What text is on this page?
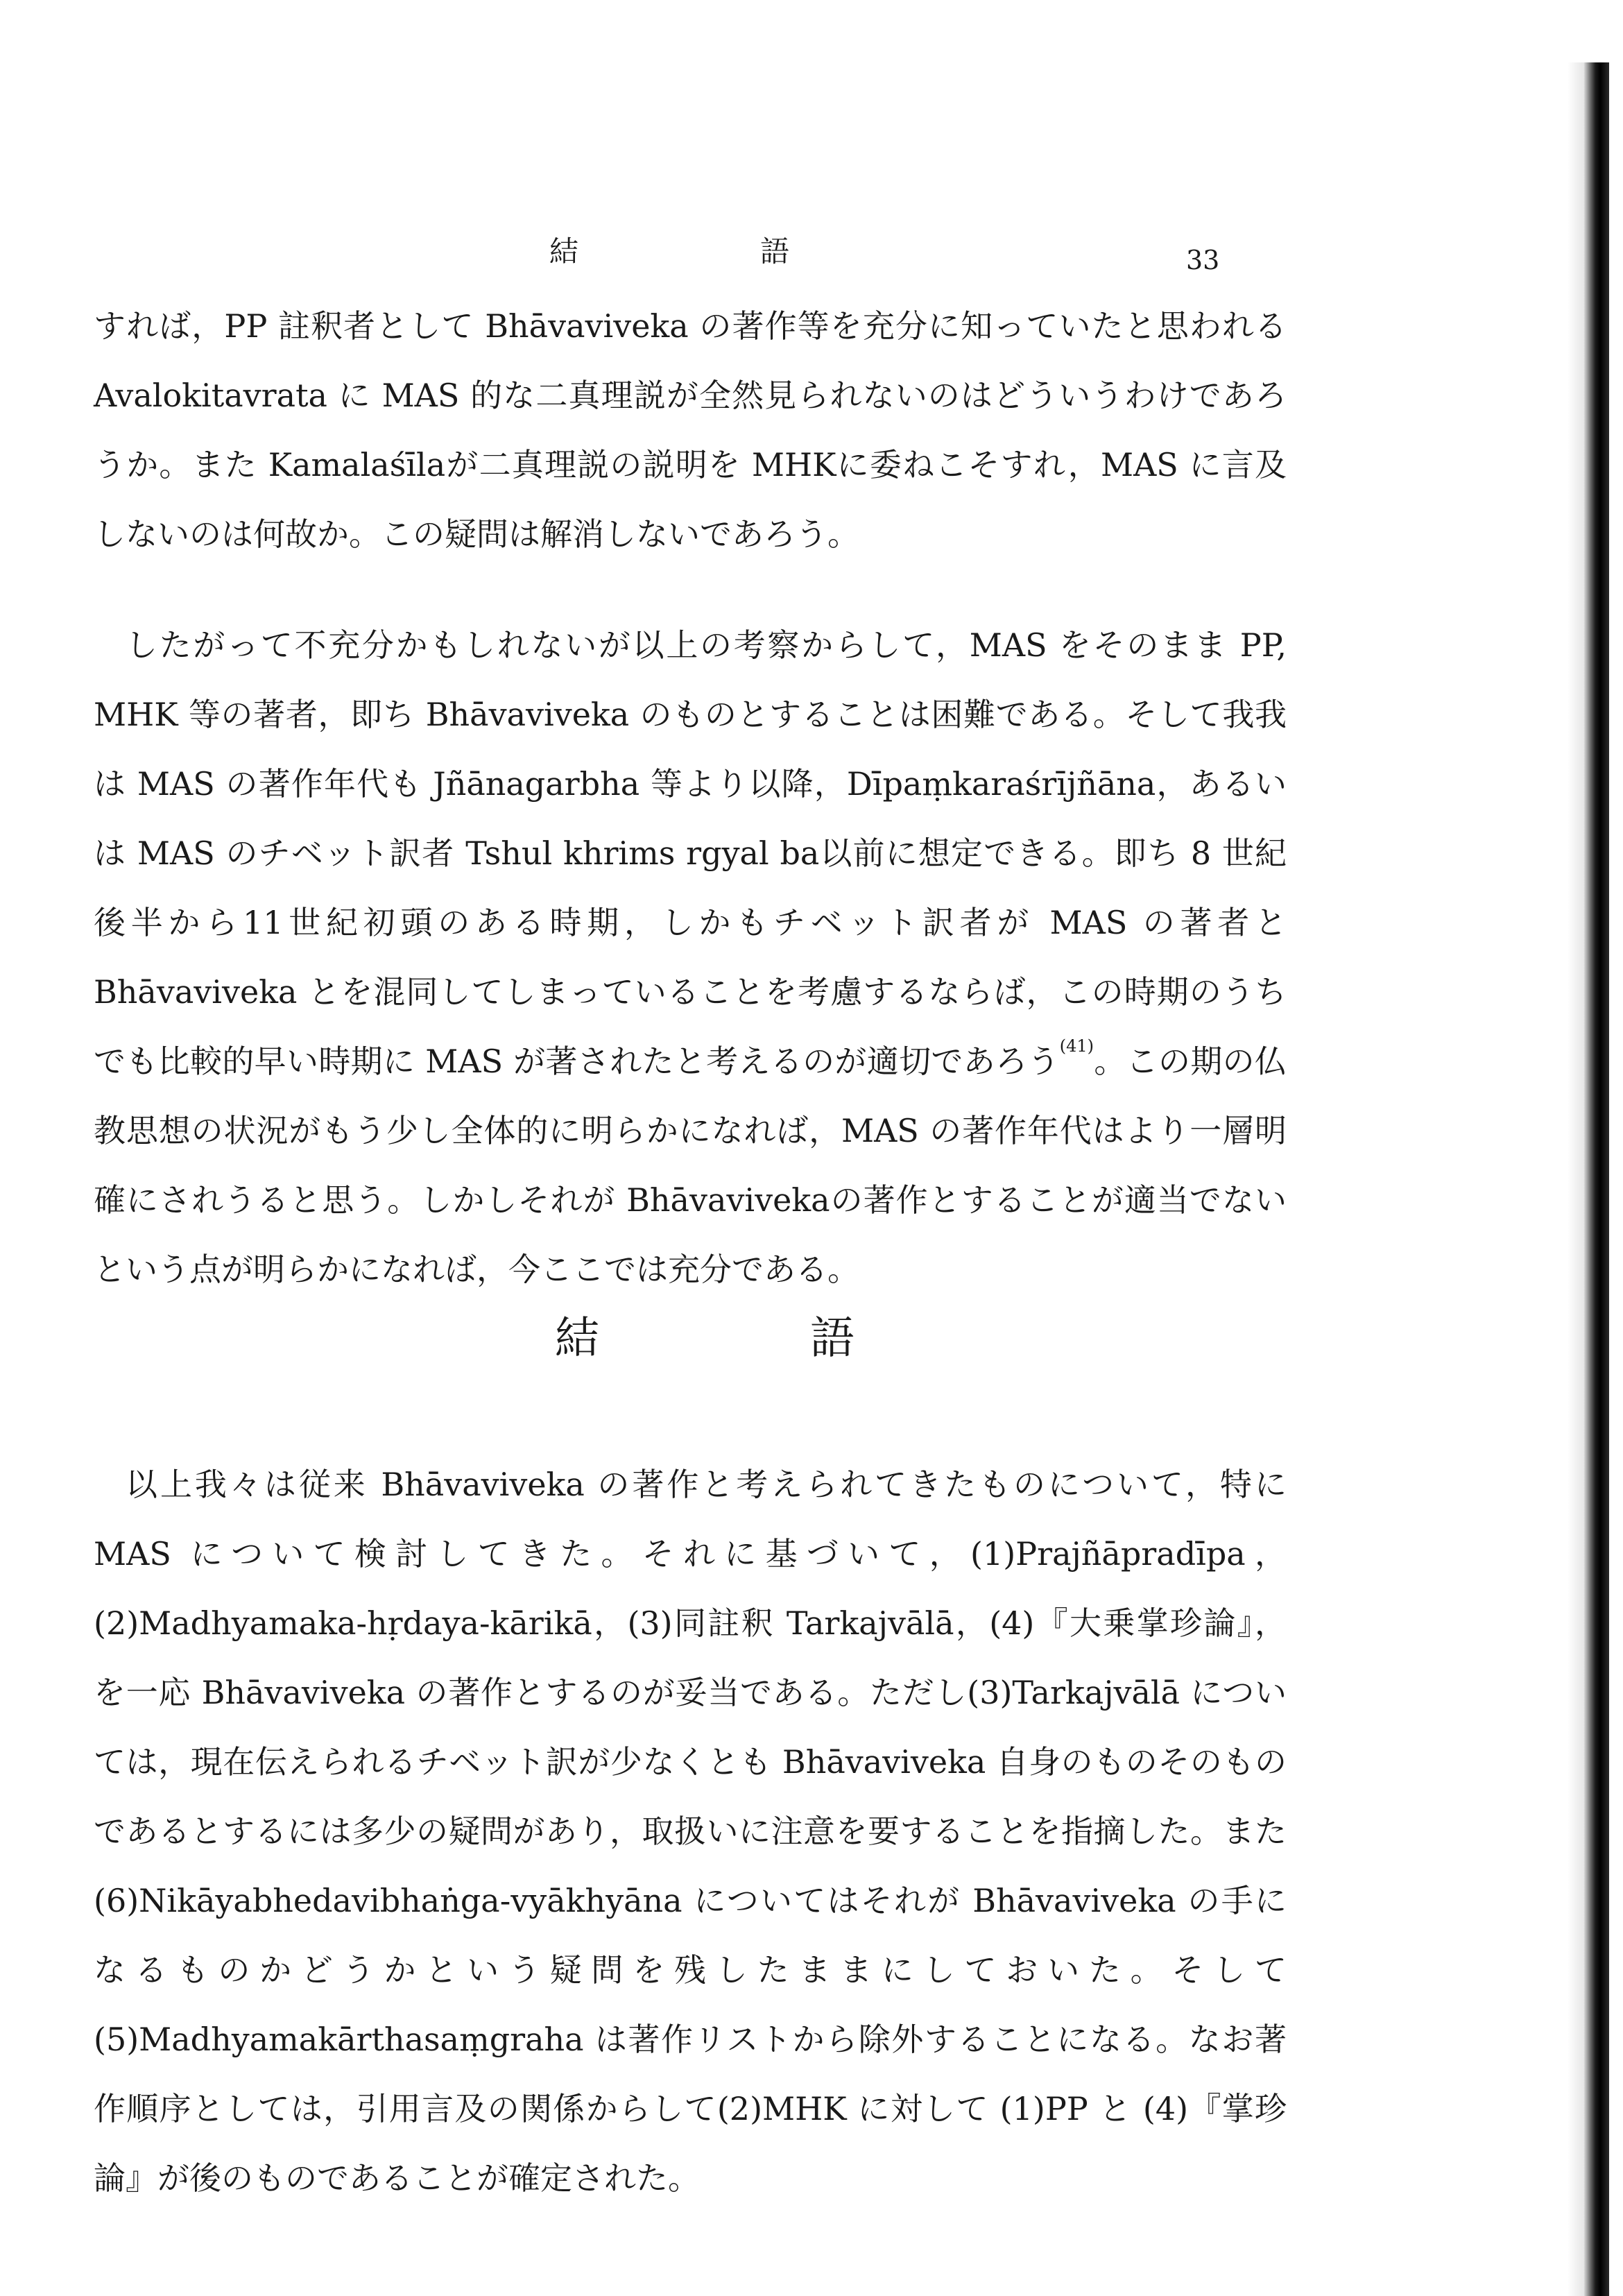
結　語	33

すれば，PP 註釈者として Bhāvaviveka の著作等を充分に知っていたと思われるAvalokitavrata に MAS 的な二真理説が全然見られないのはどういうわけであろうか。また Kamalaśīlaが二真理説の説明を MHKに委ねこそすれ，MAS に言及しないのは何故か。この疑問は解消しないであろう。

したがって不充分かもしれないが以上の考察からして，MAS をそのまま PP, MHK 等の著者，即ち Bhāvaviveka のものとすることは困難である。そして我我は MAS の著作年代も Jñānagarbha 等より以降，Dīpaṃkaraśrījñāna，あるいは MAS のチベット訳者 Tshul khrims rgyal ba以前に想定できる。即ち 8 世紀後半から11世紀初頭のある時期，しかもチベット訳者が MAS の著者とBhāvaviveka とを混同してしまっていることを考慮するならば，この時期のうちでも比較的早い時期に MAS が著されたと考えるのが適切であろう$^{(41)}$。この期の仏教思想の状況がもう少し全体的に明らかになれば，MAS の著作年代はより一層明確にされうると思う。しかしそれが Bhāvavivekaの著作とすることが適当でないという点が明らかになれば，今ここでは充分である。

結　語

以上我々は従来 Bhāvaviveka の著作と考えられてきたものについて，特に MAS について検討してきた。それに基づいて，(1)Prajñāpradīpa，(2)Madhyamaka-hṛdaya-kārikā，(3)同註釈 Tarkajvālā，(4)『大乗掌珍論』，を一応 Bhāvaviveka の著作とするのが妥当である。ただし(3)Tarkajvālā については，現在伝えられるチベット訳が少なくとも Bhāvaviveka 自身のものそのものであるとするには多少の疑問があり，取扱いに注意を要することを指摘した。また(6)Nikāyabhedavibhaṅga-vyākhyāna についてはそれが Bhāvaviveka の手になるものかどうかという疑問を残したままにしておいた。そして(5)Madhyamakārthasaṃgraha は著作リストから除外することになる。なお著作順序としては，引用言及の関係からして(2)MHK に対して (1)PP と (4)『掌珍論』が後のものであることが確定された。
